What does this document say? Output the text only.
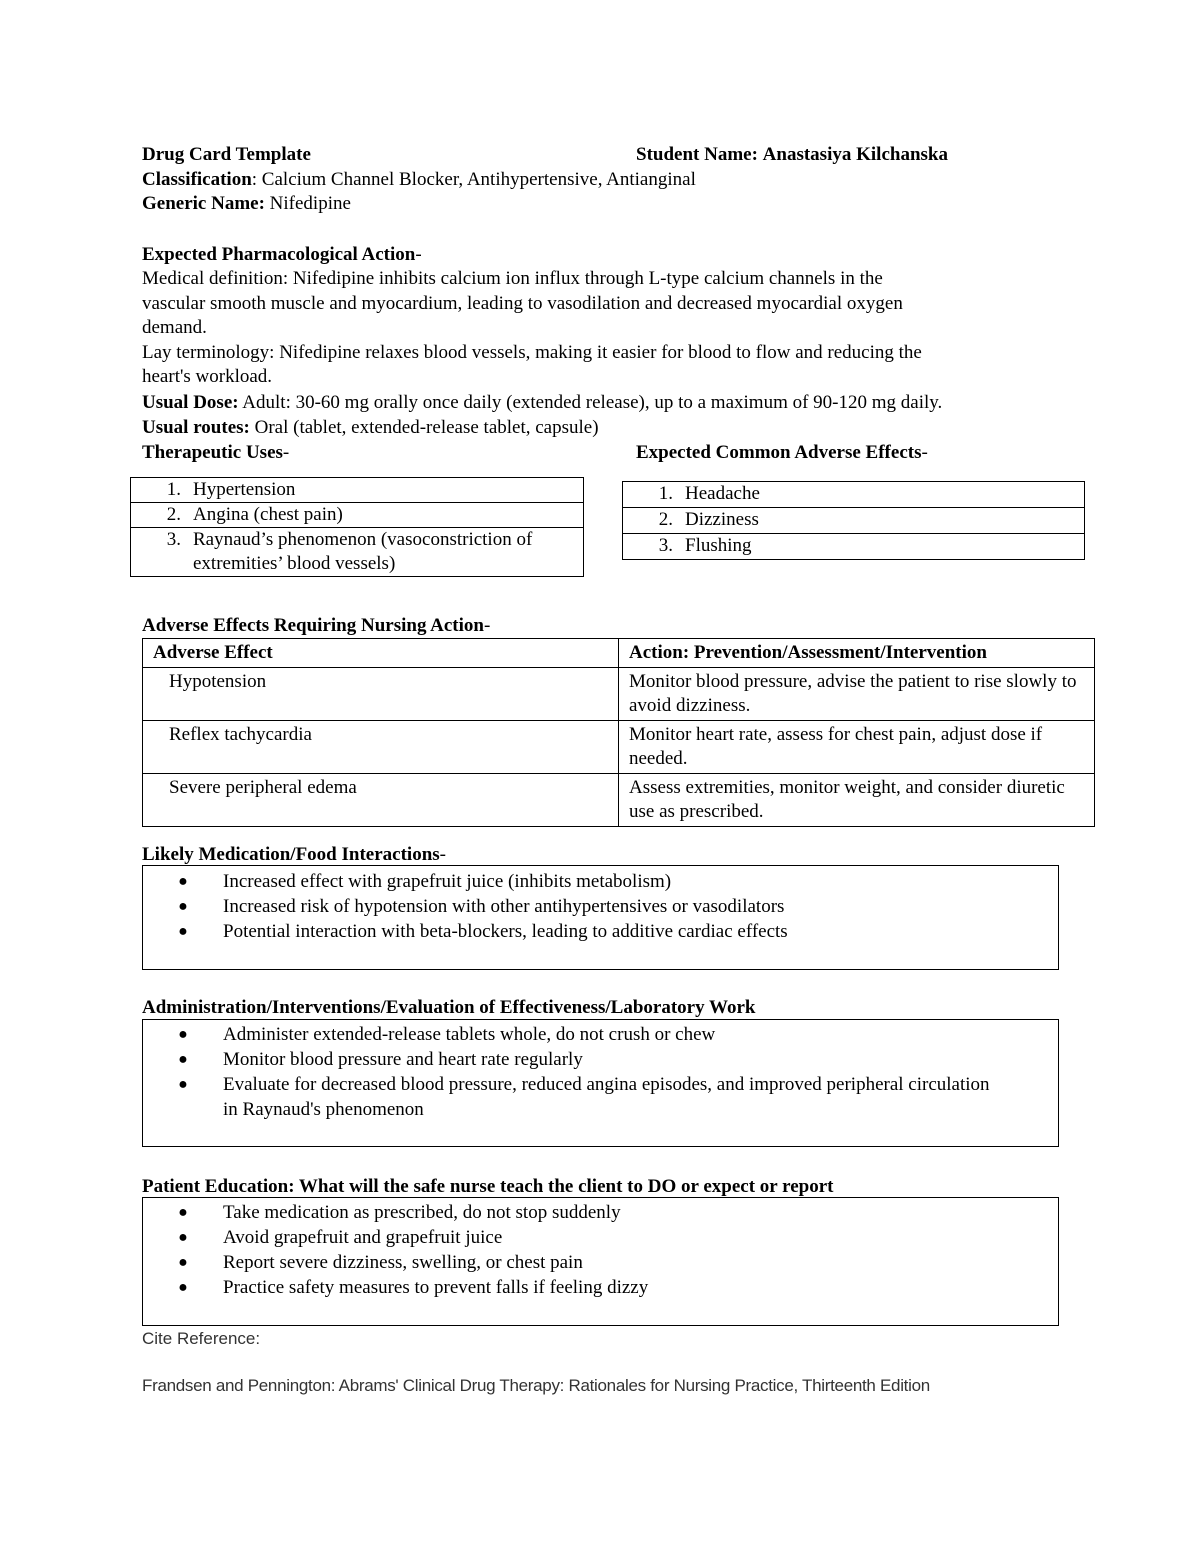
Drug Card Template	Student Name: Anastasiya Kilchanska
Classification: Calcium Channel Blocker, Antihypertensive, Antianginal
Generic Name: Nifedipine
Expected Pharmacological Action-
Medical definition: Nifedipine inhibits calcium ion influx through L-type calcium channels in the
vascular smooth muscle and myocardium, leading to vasodilation and decreased myocardial oxygen
demand.
Lay terminology: Nifedipine relaxes blood vessels, making it easier for blood to flow and reducing the
heart's workload.
Usual Dose: Adult: 30-60 mg orally once daily (extended release), up to a maximum of 90-120 mg daily.
Usual routes: Oral (tablet, extended-release tablet, capsule)
Therapeutic Uses-	Expected Common Adverse Effects-
1. Hypertension

2. Angina (chest pain)

3. Raynaud’s phenomenon (vasoconstriction of extremities’ blood vessels)
1. Headache

2. Dizziness

3. Flushing
Adverse Effects Requiring Nursing Action-
Adverse Effect	Action: Prevention/Assessment/Intervention
Hypotension	Monitor blood pressure, advise the patient to rise slowly to avoid dizziness.
Reflex tachycardia	Monitor heart rate, assess for chest pain, adjust dose if needed.
Severe peripheral edema	Assess extremities, monitor weight, and consider diuretic use as prescribed.
Likely Medication/Food Interactions-
●	Increased effect with grapefruit juice (inhibits metabolism)
●	Increased risk of hypotension with other antihypertensives or vasodilators
●	Potential interaction with beta-blockers, leading to additive cardiac effects
Administration/Interventions/Evaluation of Effectiveness/Laboratory Work
●	Administer extended-release tablets whole, do not crush or chew
●	Monitor blood pressure and heart rate regularly
●	Evaluate for decreased blood pressure, reduced angina episodes, and improved peripheral circulation in Raynaud's phenomenon
Patient Education: What will the safe nurse teach the client to DO or expect or report
●	Take medication as prescribed, do not stop suddenly
●	Avoid grapefruit and grapefruit juice
●	Report severe dizziness, swelling, or chest pain
●	Practice safety measures to prevent falls if feeling dizzy
Cite Reference:
Frandsen and Pennington: Abrams' Clinical Drug Therapy: Rationales for Nursing Practice, Thirteenth Edition
